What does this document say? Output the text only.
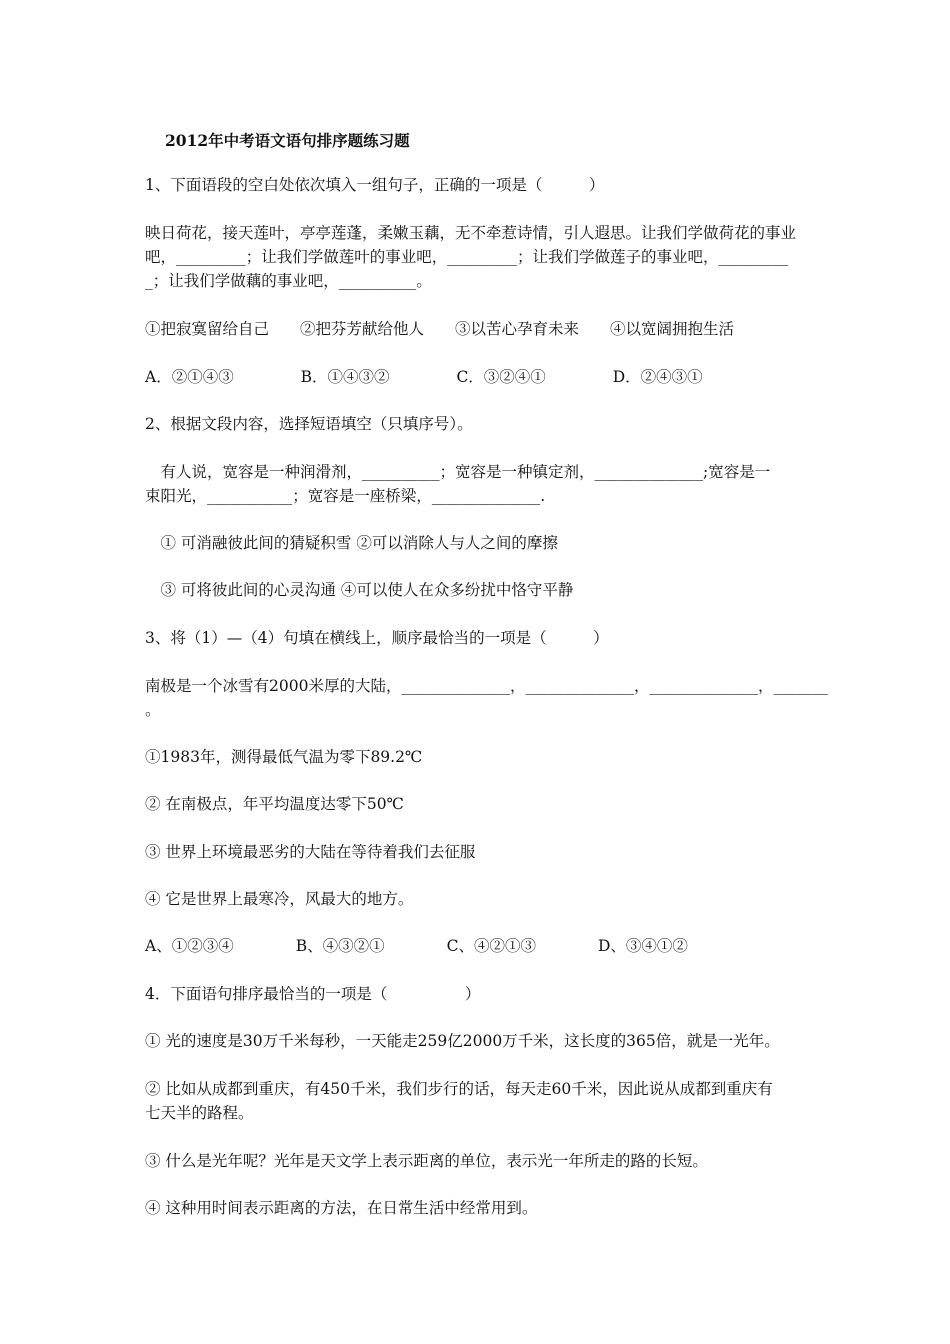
2012年中考语文语句排序题练习题
1、下面语段的空白处依次填入一组句子，正确的一项是（　　　）
映日荷花，接天莲叶，亭亭莲蓬，柔嫩玉藕，无不牵惹诗情，引人遐思。让我们学做荷花的事业
吧，_________；让我们学做莲叶的事业吧，_________；让我们学做莲子的事业吧，_________
_；让我们学做藕的事业吧，__________。
①把寂寞留给自己　　②把芬芳献给他人　　③以苦心孕育未来　　④以宽阔拥抱生活
A．②①④③　　　　 B．①④③②　　　　 C．③②④①　　　　 D．②④③①
2、根据文段内容，选择短语填空（只填序号）。
　有人说，宽容是一种润滑剂，__________；宽容是一种镇定剂，______________;宽容是一
束阳光，___________；宽容是一座桥梁，______________.
　① 可消融彼此间的猜疑积雪 ②可以消除人与人之间的摩擦
　③ 可将彼此间的心灵沟通 ④可以使人在众多纷扰中恪守平静
3、将（1）—（4）句填在横线上，顺序最恰当的一项是（　　　）
南极是一个冰雪有2000米厚的大陆，______________，______________，______________，_______
。
①1983年，测得最低气温为零下89.2℃
② 在南极点，年平均温度达零下50℃
③ 世界上环境最恶劣的大陆在等待着我们去征服
④ 它是世界上最寒冷，风最大的地方。
A、①②③④　　　　B、④③②①　　　　C、④②①③　　　　D、③④①②
4．下面语句排序最恰当的一项是（　　　　　）
① 光的速度是30万千米每秒，一天能走259亿2000万千米，这长度的365倍，就是一光年。
② 比如从成都到重庆，有450千米，我们步行的话，每天走60千米，因此说从成都到重庆有
七天半的路程。
③ 什么是光年呢？光年是天文学上表示距离的单位，表示光一年所走的路的长短。
④ 这种用时间表示距离的方法，在日常生活中经常用到。
